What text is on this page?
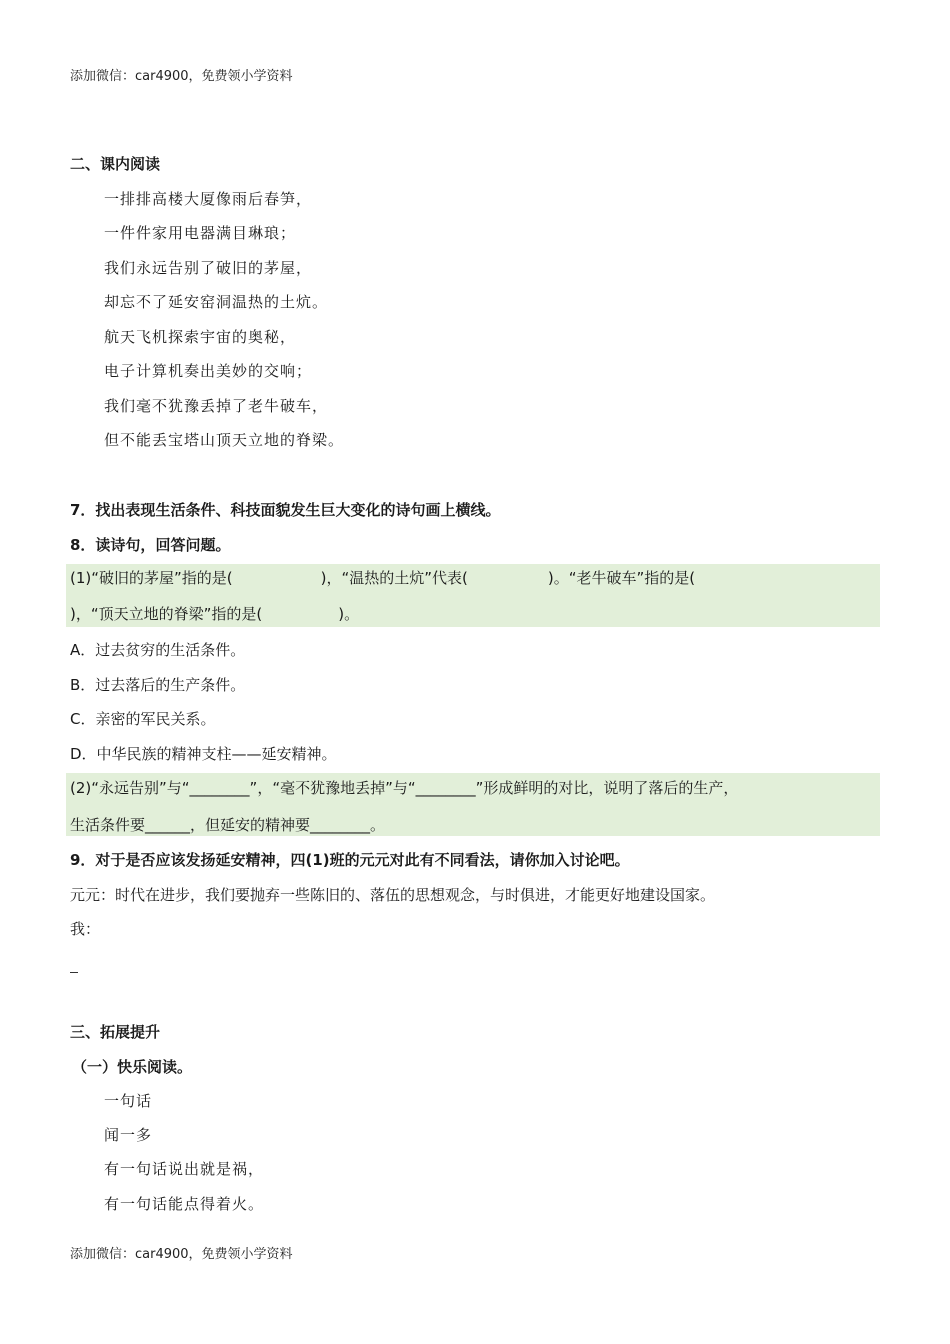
添加微信：car4900，免费领小学资料
二、课内阅读
一排排高楼大厦像雨后春笋，
一件件家用电器满目琳琅；
我们永远告别了破旧的茅屋，
却忘不了延安窑洞温热的土炕。
航天飞机探索宇宙的奥秘，
电子计算机奏出美妙的交响；
我们毫不犹豫丢掉了老牛破车，
但不能丢宝塔山顶天立地的脊梁。
7．找出表现生活条件、科技面貌发生巨大变化的诗句画上横线。
8．读诗句，回答问题。
(1)“破旧的茅屋”指的是(	)，“温热的土炕”代表(	)。“老牛破车”指的是(
)，“顶天立地的脊梁”指的是(	)。
A．过去贫穷的生活条件。
B．过去落后的生产条件。
C．亲密的军民关系。
D．中华民族的精神支柱——延安精神。
(2)“永远告别”与“________”，“毫不犹豫地丢掉”与“________”形成鲜明的对比，说明了落后的生产，
生活条件要______，但延安的精神要________。
9．对于是否应该发扬延安精神，四(1)班的元元对此有不同看法，请你加入讨论吧。
元元：时代在进步，我们要抛弃一些陈旧的、落伍的思想观念，与时俱进，才能更好地建设国家。
我：
三、拓展提升
（一）快乐阅读。
一句话
闻一多
有一句话说出就是祸，
有一句话能点得着火。
添加微信：car4900，免费领小学资料
